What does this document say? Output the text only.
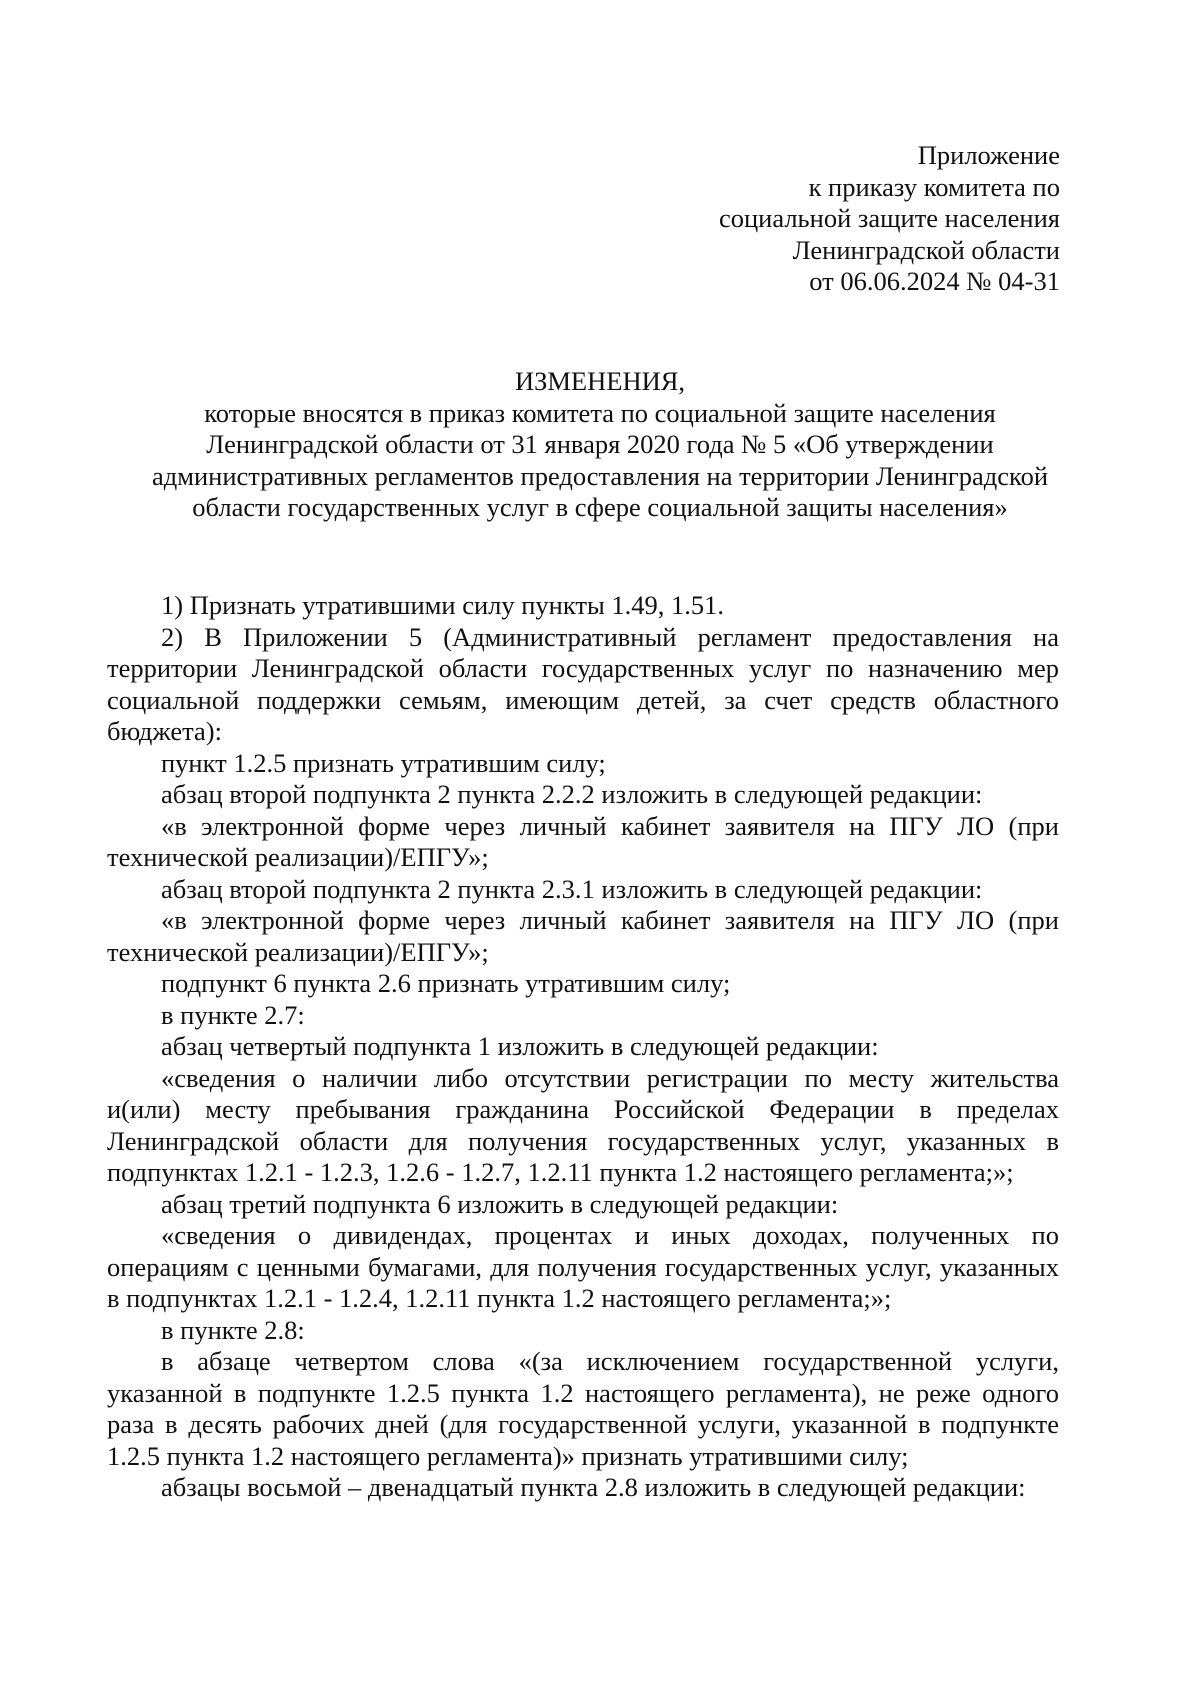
Приложение
к приказу комитета по
социальной защите населения
Ленинградской области
от 06.06.2024 № 04-31
ИЗМЕНЕНИЯ,
которые вносятся в приказ комитета по социальной защите населения
Ленинградской области от 31 января 2020 года № 5 «Об утверждении
административных регламентов предоставления на территории Ленинградской
области государственных услуг в сфере социальной защиты населения»

1) Признать утратившими силу пункты 1.49, 1.51.

2) В Приложении 5 (Административный регламент предоставления на территории Ленинградской области государственных услуг по назначению мер социальной поддержки семьям, имеющим детей, за счет средств областного бюджета):

пункт 1.2.5 признать утратившим силу;

абзац второй подпункта 2 пункта 2.2.2 изложить в следующей редакции:

«в электронной форме через личный кабинет заявителя на ПГУ ЛО (при технической реализации)/ЕПГУ»;

абзац второй подпункта 2 пункта 2.3.1 изложить в следующей редакции:

«в электронной форме через личный кабинет заявителя на ПГУ ЛО (при технической реализации)/ЕПГУ»;

подпункт 6 пункта 2.6 признать утратившим силу;

в пункте 2.7:

абзац четвертый подпункта 1 изложить в следующей редакции:

«сведения о наличии либо отсутствии регистрации по месту жительства и(или) месту пребывания гражданина Российской Федерации в пределах Ленинградской области для получения государственных услуг, указанных в подпунктах 1.2.1 - 1.2.3, 1.2.6 - 1.2.7, 1.2.11 пункта 1.2 настоящего регламента;»;

абзац третий подпункта 6 изложить в следующей редакции:

«сведения о дивидендах, процентах и иных доходах, полученных по операциям с ценными бумагами, для получения государственных услуг, указанных в подпунктах 1.2.1 - 1.2.4, 1.2.11 пункта 1.2 настоящего регламента;»;

в пункте 2.8:

в абзаце четвертом слова «(за исключением государственной услуги, указанной в подпункте 1.2.5 пункта 1.2 настоящего регламента), не реже одного раза в десять рабочих дней (для государственной услуги, указанной в подпункте 1.2.5 пункта 1.2 настоящего регламента)» признать утратившими силу;

абзацы восьмой – двенадцатый пункта 2.8 изложить в следующей редакции:
